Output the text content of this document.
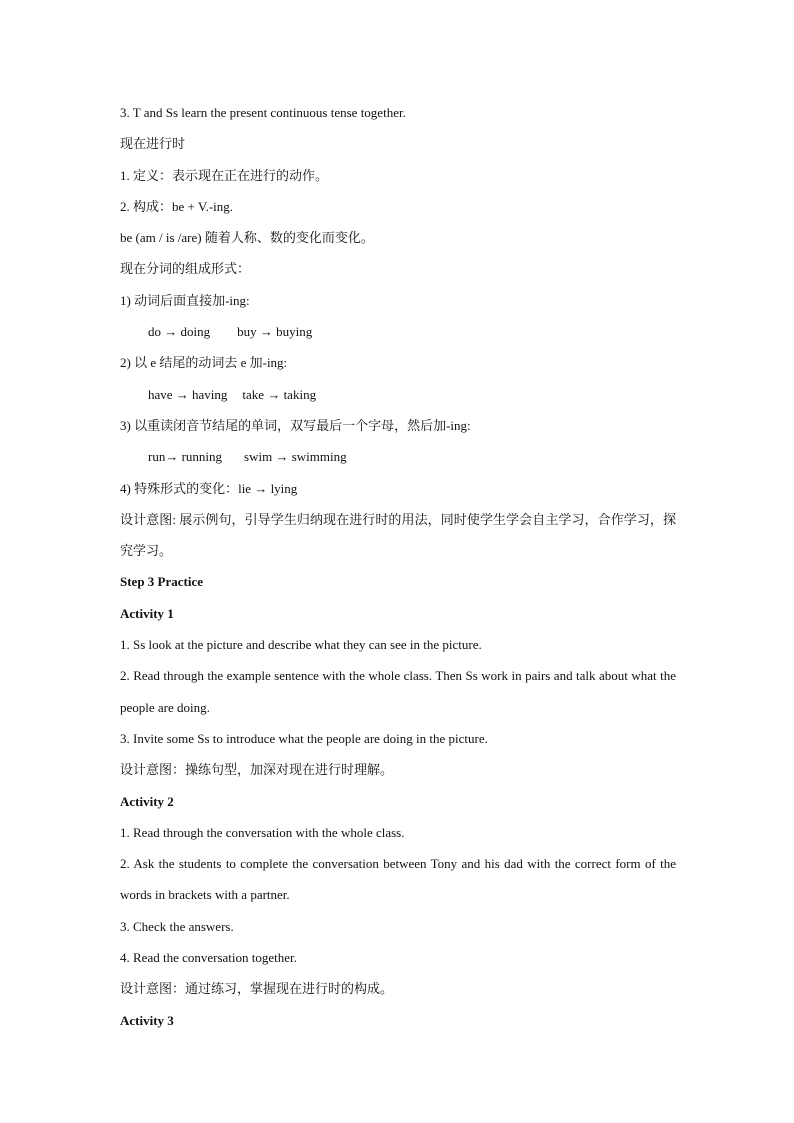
3. T and Ss learn the present continuous tense together.
现在进行时
1. 定义：表示现在正在进行的动作。
2. 构成：be + V.-ing.
be (am / is /are) 随着人称、数的变化而变化。
现在分词的组成形式：
1) 动词后面直接加-ing:
do → doing buy → buying
2) 以 e 结尾的动词去 e 加-ing:
have → having take → taking
3) 以重读闭音节结尾的单词，双写最后一个字母，然后加-ing:
run→ running swim → swimming
4) 特殊形式的变化：lie → lying
设计意图: 展示例句，引导学生归纳现在进行时的用法，同时使学生学会自主学习，合作学习，探究学习。
Step 3 Practice
Activity 1
1. Ss look at the picture and describe what they can see in the picture.
2. Read through the example sentence with the whole class. Then Ss work in pairs and talk about what the people are doing.
3. Invite some Ss to introduce what the people are doing in the picture.
设计意图：操练句型，加深对现在进行时理解。
Activity 2
1. Read through the conversation with the whole class.
2. Ask the students to complete the conversation between Tony and his dad with the correct form of the words in brackets with a partner.
3. Check the answers.
4. Read the conversation together.
设计意图：通过练习，掌握现在进行时的构成。
Activity 3
